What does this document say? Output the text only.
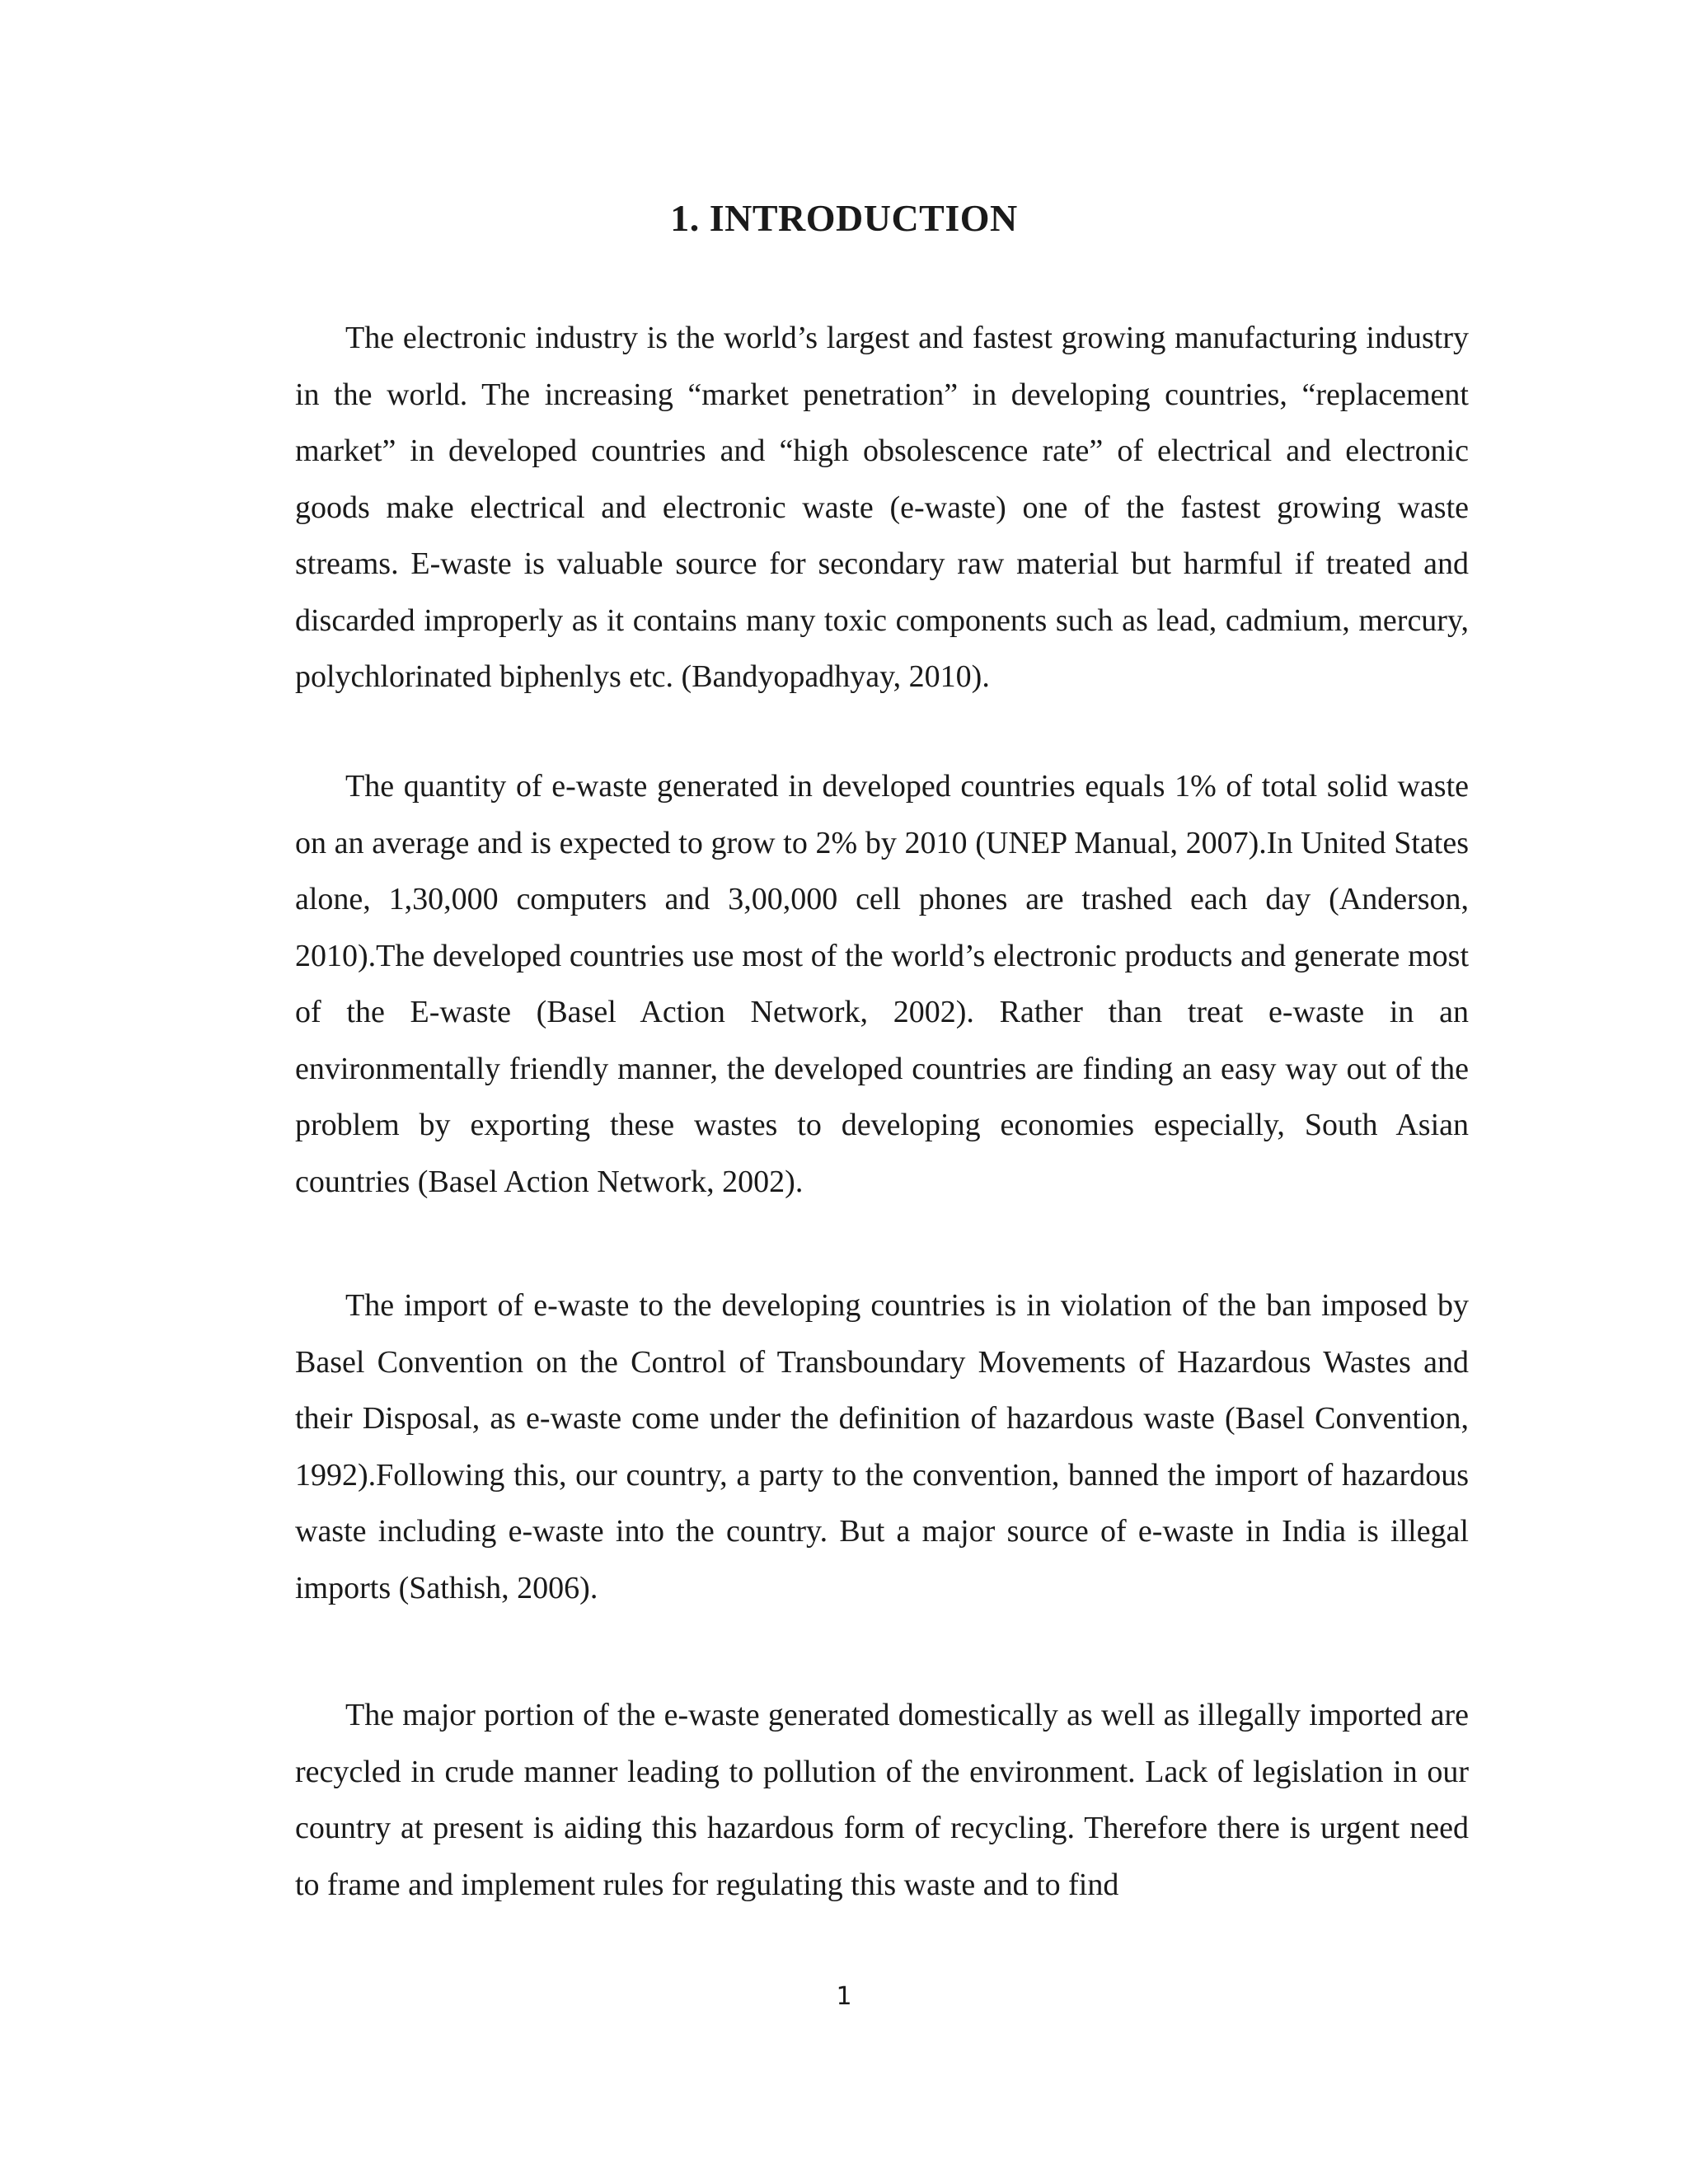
1. INTRODUCTION

The electronic industry is the world’s largest and fastest growing manufacturing industry in the world. The increasing “market penetration” in developing countries, “replacement market” in developed countries and “high obsolescence rate” of electrical and electronic goods make electrical and electronic waste (e-waste) one of the fastest growing waste streams. E-waste is valuable source for secondary raw material but harmful if treated and discarded improperly as it contains many toxic components such as lead, cadmium, mercury, polychlorinated biphenlys etc. (Bandyopadhyay, 2010).

The quantity of e-waste generated in developed countries equals 1% of total solid waste on an average and is expected to grow to 2% by 2010 (UNEP Manual, 2007).In United States alone, 1,30,000 computers and 3,00,000 cell phones are trashed each day (Anderson, 2010).The developed countries use most of the world’s electronic products and generate most of the E-waste (Basel Action Network, 2002). Rather than treat e-waste in an environmentally friendly manner, the developed countries are finding an easy way out of the problem by exporting these wastes to developing economies especially, South Asian countries (Basel Action Network, 2002).

The import of e-waste to the developing countries is in violation of the ban imposed by Basel Convention on the Control of Transboundary Movements of Hazardous Wastes and their Disposal, as e-waste come under the definition of hazardous waste (Basel Convention, 1992).Following this, our country, a party to the convention, banned the import of hazardous waste including e-waste into the country. But a major source of e-waste in India is illegal imports (Sathish, 2006).

The major portion of the e-waste generated domestically as well as illegally imported are recycled in crude manner leading to pollution of the environment. Lack of legislation in our country at present is aiding this hazardous form of recycling. Therefore there is urgent need to frame and implement rules for regulating this waste and to find

1
